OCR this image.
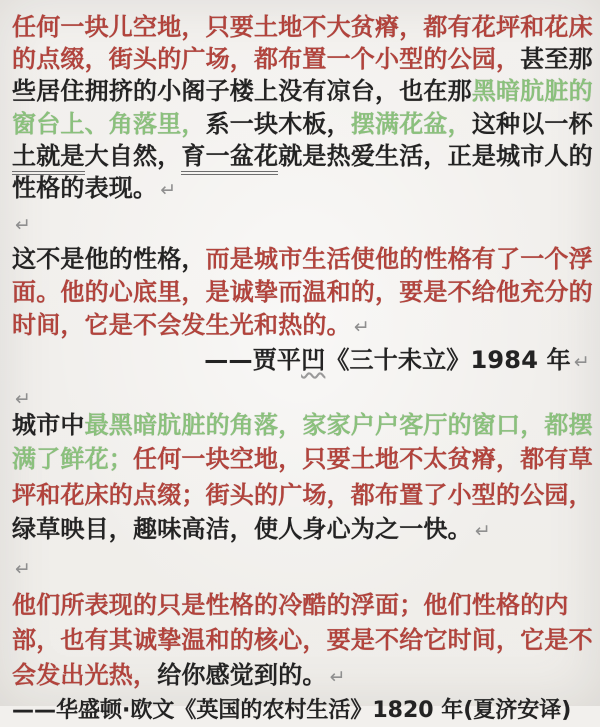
任何一块儿空地，只要土地不大贫瘠，都有花坪和花床
的点缀，街头的广场，都布置一个小型的公园，甚至那
些居住拥挤的小阁子楼上没有凉台，也在那黑暗肮脏的
窗台上、角落里，系一块木板，摆满花盆，这种以一杯
土就是大自然，育一盆花就是热爱生活，正是城市人的
性格的表现。 ↵
↵
这不是他的性格，而是城市生活使他的性格有了一个浮
面。他的心底里，是诚挚而温和的，要是不给他充分的
时间，它是不会发生光和热的。 ↵
——贾平凹《三十未立》1984 年 ↵
↵
城市中最黑暗肮脏的角落，家家户户客厅的窗口，都摆
满了鲜花；任何一块空地，只要土地不太贫瘠，都有草
坪和花床的点缀；街头的广场，都布置了小型的公园，
绿草映目，趣味高洁，使人身心为之一快。 ↵
↵
他们所表现的只是性格的冷酷的浮面；他们性格的内
部，也有其诚挚温和的核心，要是不给它时间，它是不
会发出光热，给你感觉到的。 ↵
——华盛顿·欧文《英国的农村生活》1820 年(夏济安译)
